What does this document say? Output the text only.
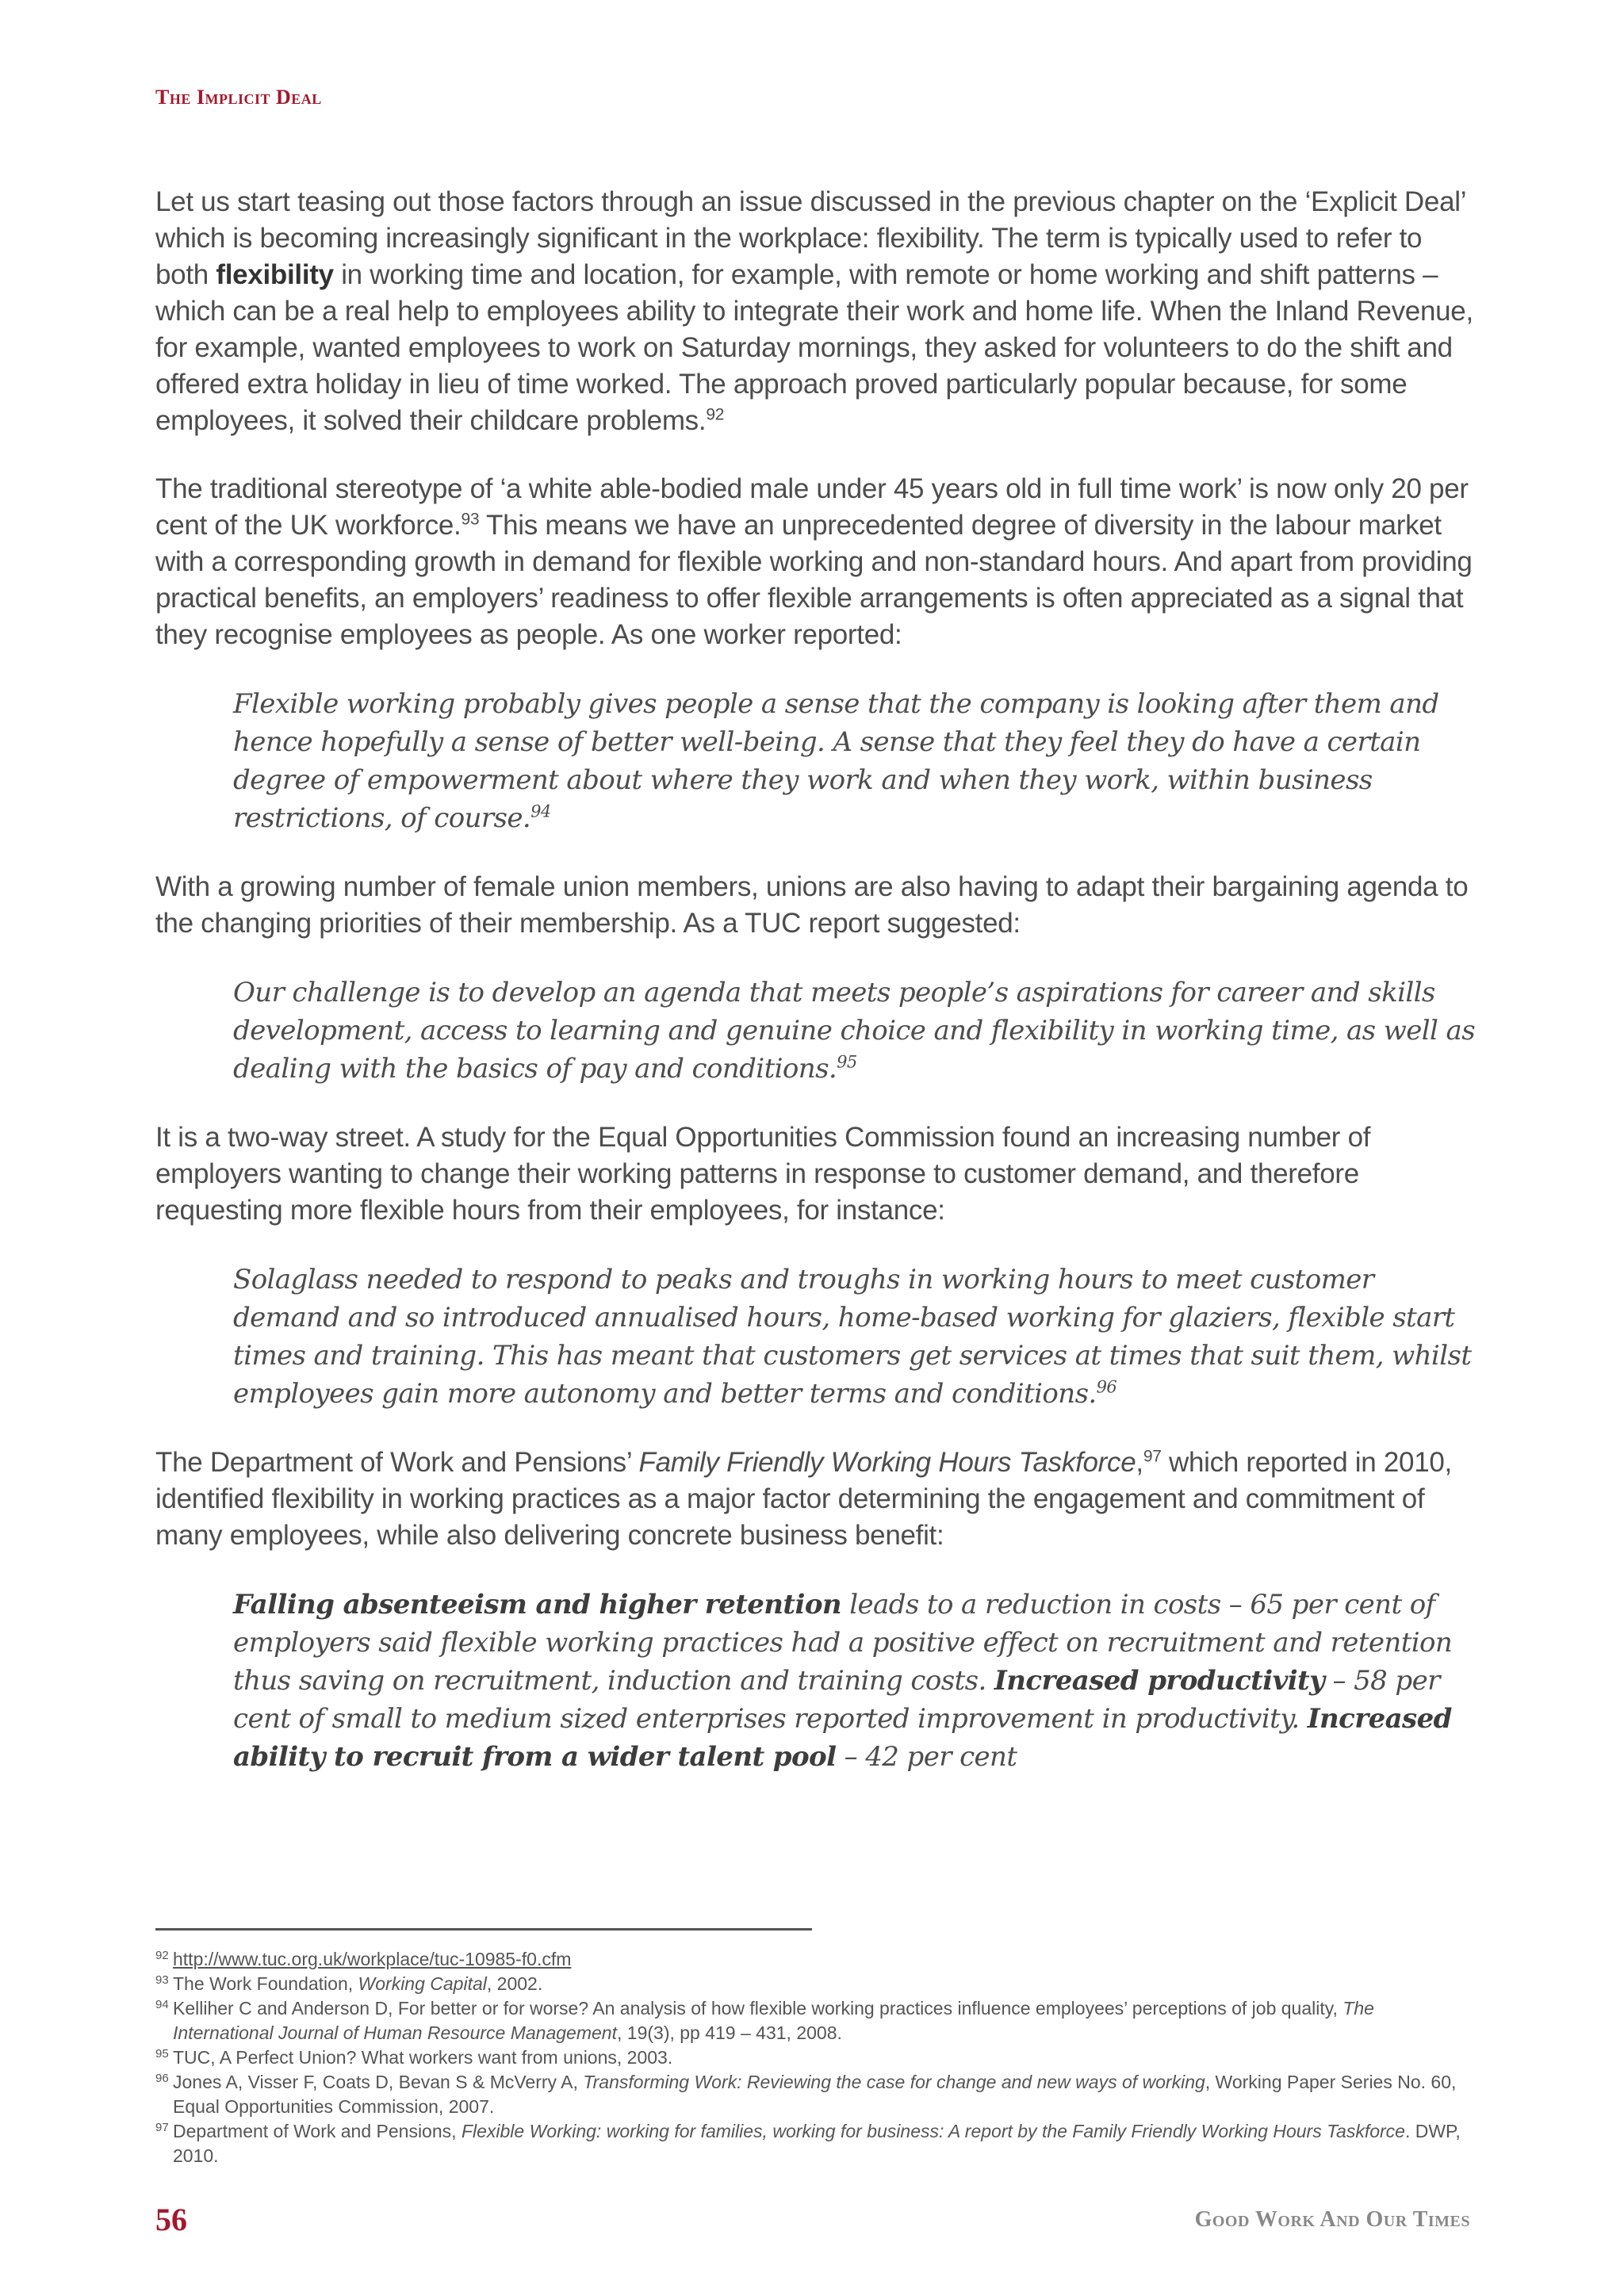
The Implicit Deal

Let us start teasing out those factors through an issue discussed in the previous chapter on the ‘Explicit Deal’ which is becoming increasingly significant in the workplace: flexibility. The term is typically used to refer to both flexibility in working time and location, for example, with remote or home working and shift patterns – which can be a real help to employees ability to integrate their work and home life. When the Inland Revenue, for example, wanted employees to work on Saturday mornings, they asked for volunteers to do the shift and offered extra holiday in lieu of time worked. The approach proved particularly popular because, for some employees, it solved their childcare problems.$^{92}$

The traditional stereotype of ‘a white able-bodied male under 45 years old in full time work’ is now only 20 per cent of the UK workforce.$^{93}$ This means we have an unprecedented degree of diversity in the labour market with a corresponding growth in demand for flexible working and non-standard hours. And apart from providing practical benefits, an employers’ readiness to offer flexible arrangements is often appreciated as a signal that they recognise employees as people. As one worker reported:

Flexible working probably gives people a sense that the company is looking after them and hence hopefully a sense of better well-being. A sense that they feel they do have a certain degree of empowerment about where they work and when they work, within business restrictions, of course.$^{94}$

With a growing number of female union members, unions are also having to adapt their bargaining agenda to the changing priorities of their membership. As a TUC report suggested:

Our challenge is to develop an agenda that meets people’s aspirations for career and skills development, access to learning and genuine choice and flexibility in working time, as well as dealing with the basics of pay and conditions.$^{95}$

It is a two-way street. A study for the Equal Opportunities Commission found an increasing number of employers wanting to change their working patterns in response to customer demand, and therefore requesting more flexible hours from their employees, for instance:

Solaglass needed to respond to peaks and troughs in working hours to meet customer demand and so introduced annualised hours, home-based working for glaziers, flexible start times and training. This has meant that customers get services at times that suit them, whilst employees gain more autonomy and better terms and conditions.$^{96}$

The Department of Work and Pensions’ Family Friendly Working Hours Taskforce,$^{97}$ which reported in 2010, identified flexibility in working practices as a major factor determining the engagement and commitment of many employees, while also delivering concrete business benefit:

Falling absenteeism and higher retention leads to a reduction in costs – 65 per cent of employers said flexible working practices had a positive effect on recruitment and retention thus saving on recruitment, induction and training costs. Increased productivity – 58 per cent of small to medium sized enterprises reported improvement in productivity. Increased ability to recruit from a wider talent pool – 42 per cent
92 http://www.tuc.org.uk/workplace/tuc-10985-f0.cfm
93 The Work Foundation, Working Capital, 2002.
94 Kelliher C and Anderson D, For better or for worse? An analysis of how flexible working practices influence employees’ perceptions of job quality, The International Journal of Human Resource Management, 19(3), pp 419 – 431, 2008.
95 TUC, A Perfect Union? What workers want from unions, 2003.
96 Jones A, Visser F, Coats D, Bevan S & McVerry A, Transforming Work: Reviewing the case for change and new ways of working, Working Paper Series No. 60, Equal Opportunities Commission, 2007.
97 Department of Work and Pensions, Flexible Working: working for families, working for business: A report by the Family Friendly Working Hours Taskforce. DWP, 2010.
56	Good Work And Our Times
